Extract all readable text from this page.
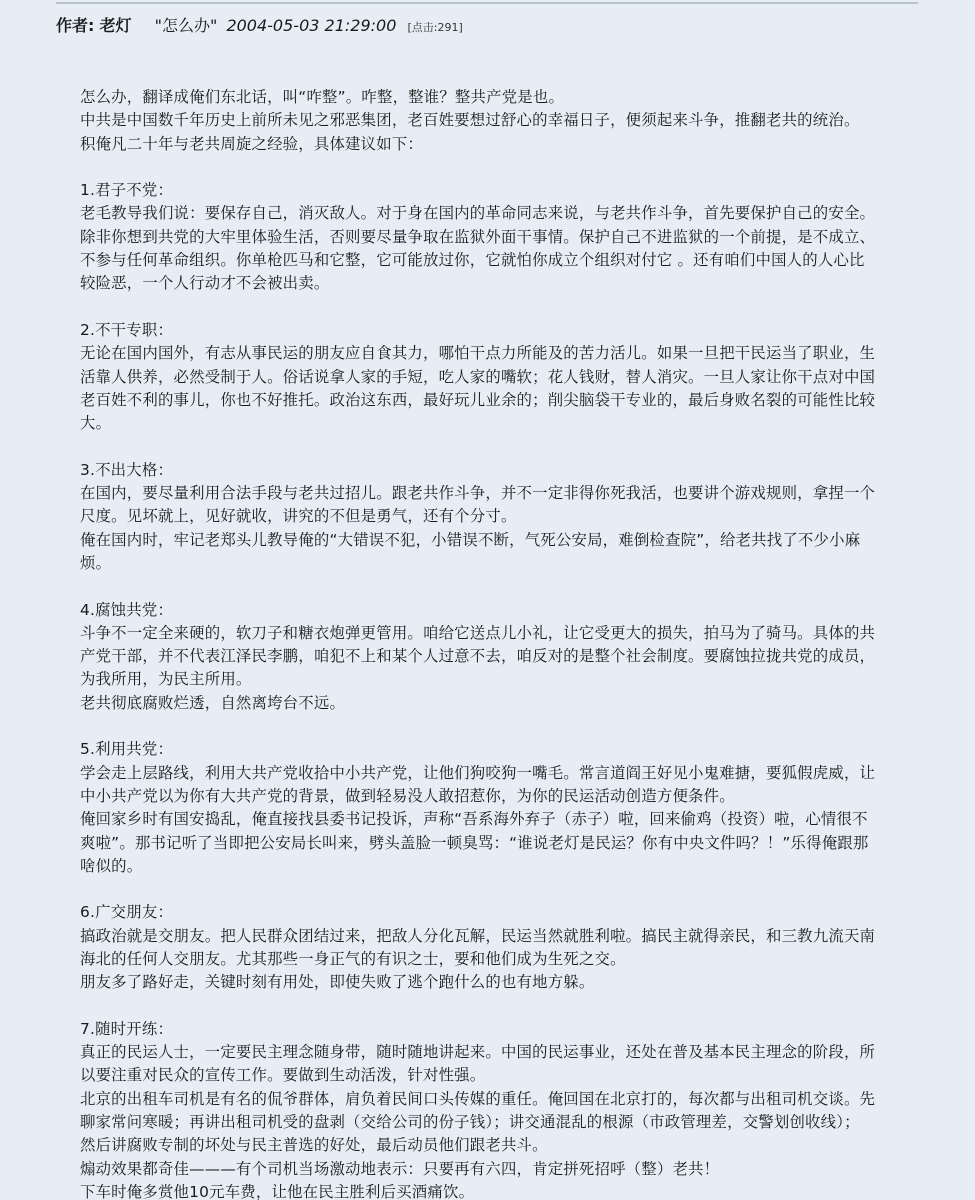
作者: 老灯 "怎么办" 2004-05-03 21:29:00 [点击:291]

怎么办，翻译成俺们东北话，叫“咋整”。咋整，整谁？整共产党是也。

中共是中国数千年历史上前所未见之邪恶集团，老百姓要想过舒心的幸福日子，便须起来斗争，推翻老共的统治。

积俺凡二十年与老共周旋之经验，具体建议如下：

1.君子不党：

老毛教导我们说：要保存自己，消灭敌人。对于身在国内的革命同志来说，与老共作斗争，首先要保护自己的安全。

除非你想到共党的大牢里体验生活，否则要尽量争取在监狱外面干事情。保护自己不进监狱的一个前提，是不成立、

不参与任何革命组织。你单枪匹马和它整，它可能放过你，它就怕你成立个组织对付它 。还有咱们中国人的人心比

较险恶，一个人行动才不会被出卖。

2.不干专职：

无论在国内国外，有志从事民运的朋友应自食其力，哪怕干点力所能及的苦力活儿。如果一旦把干民运当了职业，生

活靠人供养，必然受制于人。俗话说拿人家的手短，吃人家的嘴软；花人钱财，替人消灾。一旦人家让你干点对中国

老百姓不利的事儿，你也不好推托。政治这东西，最好玩儿业余的；削尖脑袋干专业的，最后身败名裂的可能性比较

大。

3.不出大格：

在国内，要尽量利用合法手段与老共过招儿。跟老共作斗争，并不一定非得你死我活，也要讲个游戏规则，拿捏一个

尺度。见坏就上，见好就收，讲究的不但是勇气，还有个分寸。

俺在国内时，牢记老郑头儿教导俺的“大错误不犯，小错误不断，气死公安局，难倒检查院”，给老共找了不少小麻

烦。

4.腐蚀共党：

斗争不一定全来硬的，软刀子和糖衣炮弹更管用。咱给它送点儿小礼，让它受更大的损失，拍马为了骑马。具体的共

产党干部，并不代表江泽民李鹏，咱犯不上和某个人过意不去，咱反对的是整个社会制度。要腐蚀拉拢共党的成员，

为我所用，为民主所用。

老共彻底腐败烂透，自然离垮台不远。

5.利用共党：

学会走上层路线，利用大共产党收拾中小共产党，让他们狗咬狗一嘴毛。常言道阎王好见小鬼难搪，要狐假虎威，让

中小共产党以为你有大共产党的背景，做到轻易没人敢招惹你，为你的民运活动创造方便条件。

俺回家乡时有国安捣乱，俺直接找县委书记投诉，声称“吾系海外弃子（赤子）啦，回来偷鸡（投资）啦，心情很不

爽啦”。那书记听了当即把公安局长叫来，劈头盖脸一顿臭骂：“谁说老灯是民运？你有中央文件吗？！”乐得俺跟那

啥似的。

6.广交朋友：

搞政治就是交朋友。把人民群众团结过来，把敌人分化瓦解，民运当然就胜利啦。搞民主就得亲民，和三教九流天南

海北的任何人交朋友。尤其那些一身正气的有识之士，要和他们成为生死之交。

朋友多了路好走，关键时刻有用处，即使失败了逃个跑什么的也有地方躲。

7.随时开练：

真正的民运人士，一定要民主理念随身带，随时随地讲起来。中国的民运事业，还处在普及基本民主理念的阶段，所

以要注重对民众的宣传工作。要做到生动活泼，针对性强。

北京的出租车司机是有名的侃爷群体，肩负着民间口头传媒的重任。俺回国在北京打的，每次都与出租司机交谈。先

聊家常问寒暖；再讲出租司机受的盘剥（交给公司的份子钱）；讲交通混乱的根源（市政管理差，交警划创收线）；

然后讲腐败专制的坏处与民主普选的好处，最后动员他们跟老共斗。

煽动效果都奇佳———有个司机当场激动地表示：只要再有六四，肯定拼死招呼（整）老共！

下车时俺多赏他10元车费，让他在民主胜利后买酒痛饮。
